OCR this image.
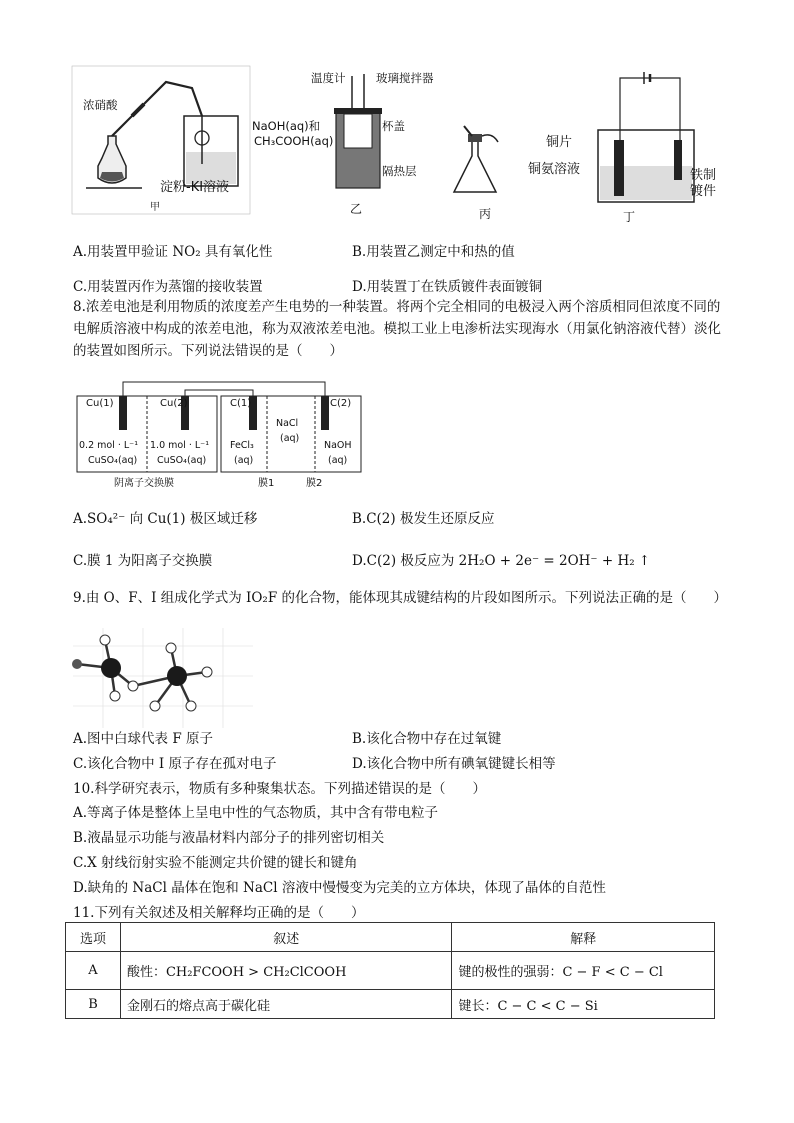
浓硝酸
淀粉-KI溶液
甲
温度计	玻璃搅拌器
NaOH(aq)和
CH₃COOH(aq)
杯盖
隔热层
乙	丙
铜片
铜氨溶液	铁制
镀件
丁
A.用装置甲验证 NO₂ 具有氧化性	B.用装置乙测定中和热的值
C.用装置丙作为蒸馏的接收装置	D.用装置丁在铁质镀件表面镀铜
8.浓差电池是利用物质的浓度差产生电势的一种装置。将两个完全相同的电极浸入两个溶质相同但浓度不同的电解质溶液中构成的浓差电池，称为双液浓差电池。模拟工业上电渗析法实现海水（用氯化钠溶液代替）淡化的装置如图所示。下列说法错误的是（　　）
Cu(1)	Cu(2)	C(1)	C(2)
0.2 mol · L⁻¹
CuSO₄(aq)
1.0 mol · L⁻¹
CuSO₄(aq)
FeCl₃
(aq)
NaCl
(aq)
NaOH
(aq)
阴离子交换膜	膜1	膜2
A.SO₄²⁻ 向 Cu(1) 极区域迁移	B.C(2) 极发生还原反应
C.膜 1 为阳离子交换膜	D.C(2) 极反应为 2H₂O + 2e⁻ = 2OH⁻ + H₂ ↑
9.由 O、F、I 组成化学式为 IO₂F 的化合物，能体现其成键结构的片段如图所示。下列说法正确的是（　　）
A.图中白球代表 F 原子	B.该化合物中存在过氧键
C.该化合物中 I 原子存在孤对电子	D.该化合物中所有碘氧键键长相等
10.科学研究表示，物质有多种聚集状态。下列描述错误的是（　　）
A.等离子体是整体上呈电中性的气态物质，其中含有带电粒子
B.液晶显示功能与液晶材料内部分子的排列密切相关
C.X 射线衍射实验不能测定共价键的键长和键角
D.缺角的 NaCl 晶体在饱和 NaCl 溶液中慢慢变为完美的立方体块，体现了晶体的自范性
11.下列有关叙述及相关解释均正确的是（　　）
选项	叙述	解释
A	酸性：CH₂FCOOH > CH₂ClCOOH	键的极性的强弱：C − F < C − Cl
B	金刚石的熔点高于碳化硅	键长：C − C < C − Si
